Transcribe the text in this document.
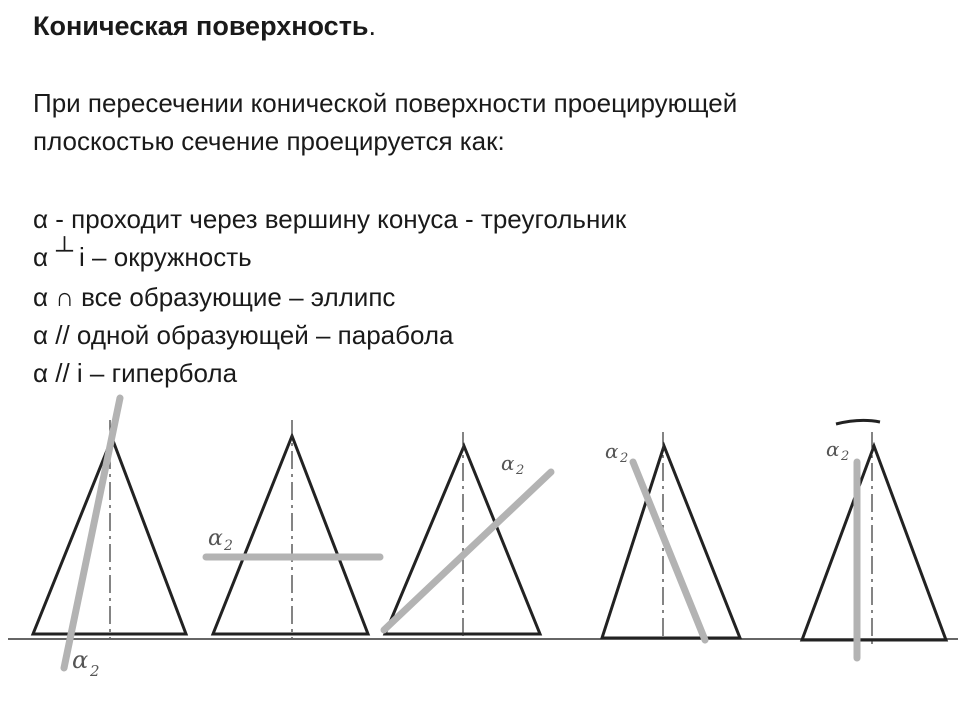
Коническая поверхность.
При пересечении конической поверхности проецирующей
плоскостью сечение проецируется как:
α - проходит через вершину конуса - треугольник
α ┴ i – окружность
α ∩ все образующие – эллипс
α // одной образующей – парабола
α // i – гипербола
α 2
α 2
α 2
α 2	α 2
